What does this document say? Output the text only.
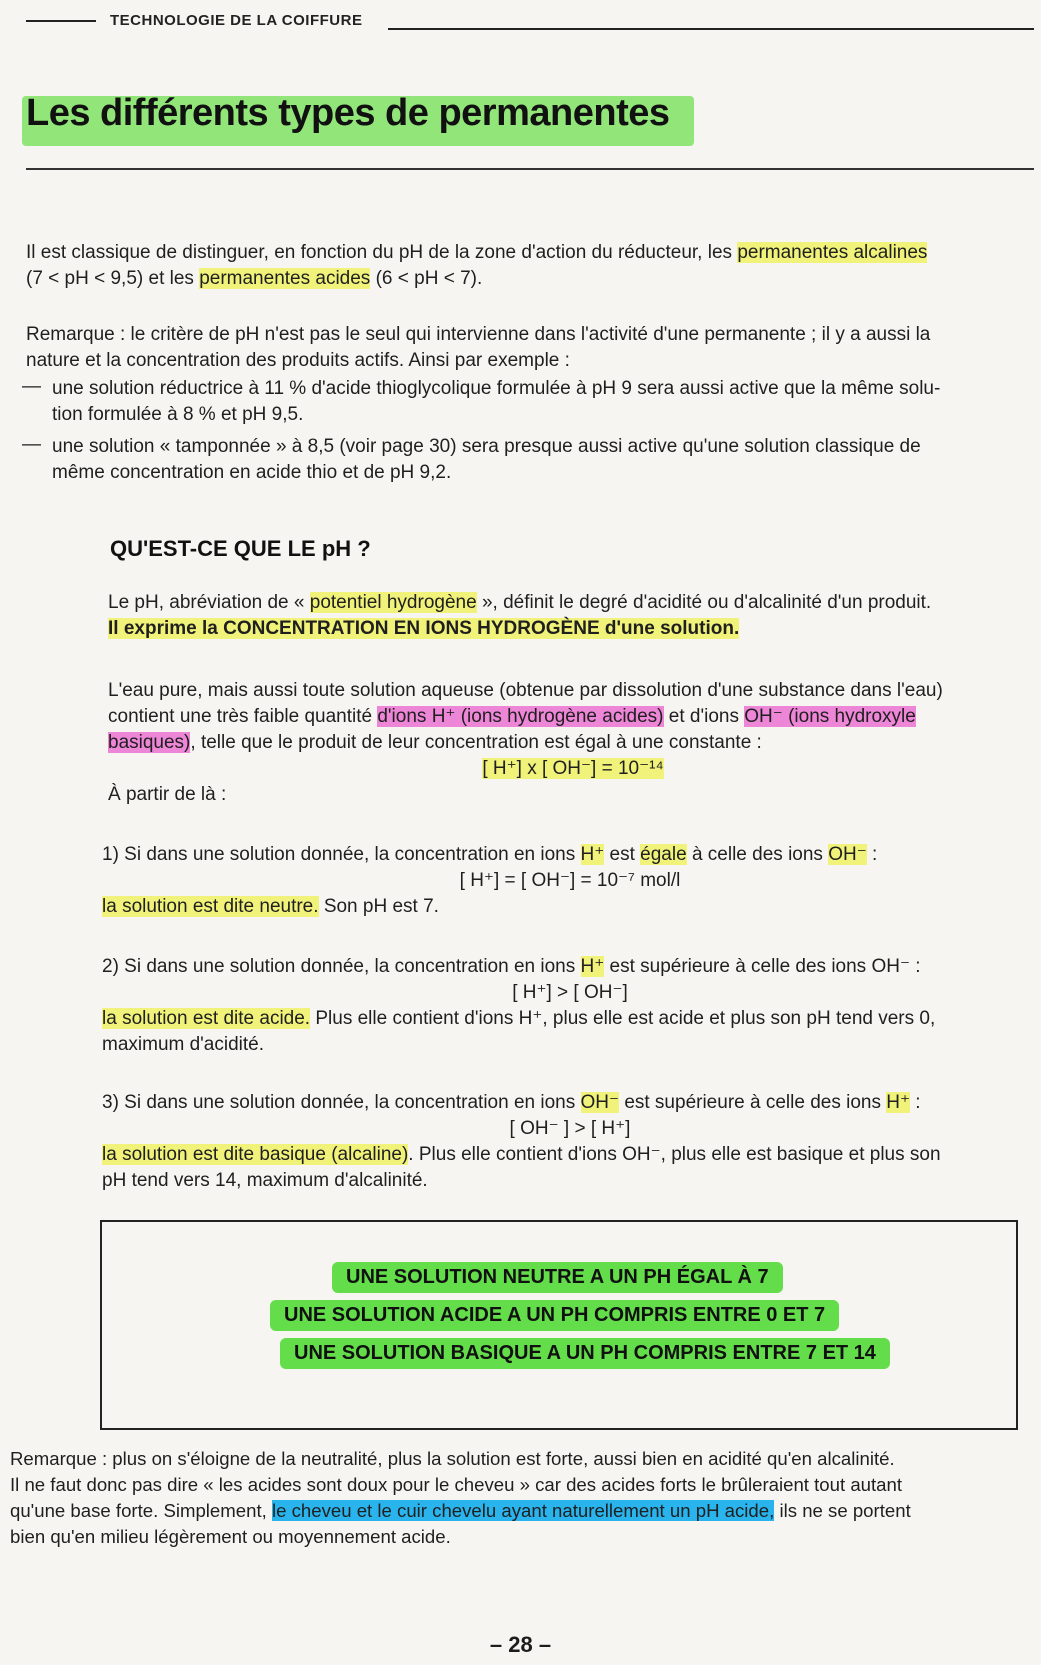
TECHNOLOGIE DE LA COIFFURE
Les différents types de permanentes

Il est classique de distinguer, en fonction du pH de la zone d'action du réducteur, les permanentes alcalines

(7 < pH < 9,5) et les permanentes acides (6 < pH < 7).

Remarque : le critère de pH n'est pas le seul qui intervienne dans l'activité d'une permanente ; il y a aussi la

nature et la concentration des produits actifs. Ainsi par exemple :

— une solution réductrice à 11 % d'acide thioglycolique formulée à pH 9 sera aussi active que la même solu-

tion formulée à 8 % et pH 9,5.

— une solution « tamponnée » à 8,5 (voir page 30) sera presque aussi active qu'une solution classique de

même concentration en acide thio et de pH 9,2.

QU'EST-CE QUE LE pH ?

Le pH, abréviation de « potentiel hydrogène », définit le degré d'acidité ou d'alcalinité d'un produit.

Il exprime la CONCENTRATION EN IONS HYDROGÈNE d'une solution.

L'eau pure, mais aussi toute solution aqueuse (obtenue par dissolution d'une substance dans l'eau)

contient une très faible quantité d'ions H⁺ (ions hydrogène acides) et d'ions OH⁻ (ions hydroxyle

basiques), telle que le produit de leur concentration est égal à une constante :

[ H⁺] x [ OH⁻] = 10⁻¹⁴

À partir de là :

1) Si dans une solution donnée, la concentration en ions H⁺ est égale à celle des ions OH⁻ :

[ H⁺] = [ OH⁻] = 10⁻⁷ mol/l

la solution est dite neutre. Son pH est 7.

2) Si dans une solution donnée, la concentration en ions H⁺ est supérieure à celle des ions OH⁻ :

[ H⁺] > [ OH⁻]

la solution est dite acide. Plus elle contient d'ions H⁺, plus elle est acide et plus son pH tend vers 0,

maximum d'acidité.

3) Si dans une solution donnée, la concentration en ions OH⁻ est supérieure à celle des ions H⁺ :

[ OH⁻ ] > [ H⁺]

la solution est dite basique (alcaline). Plus elle contient d'ions OH⁻, plus elle est basique et plus son

pH tend vers 14, maximum d'alcalinité.

UNE SOLUTION NEUTRE A UN PH ÉGAL À 7
UNE SOLUTION ACIDE A UN PH COMPRIS ENTRE 0 ET 7
UNE SOLUTION BASIQUE A UN PH COMPRIS ENTRE 7 ET 14

Remarque : plus on s'éloigne de la neutralité, plus la solution est forte, aussi bien en acidité qu'en alcalinité.

Il ne faut donc pas dire « les acides sont doux pour le cheveu » car des acides forts le brûleraient tout autant

qu'une base forte. Simplement, le cheveu et le cuir chevelu ayant naturellement un pH acide, ils ne se portent

bien qu'en milieu légèrement ou moyennement acide.

– 28 –
